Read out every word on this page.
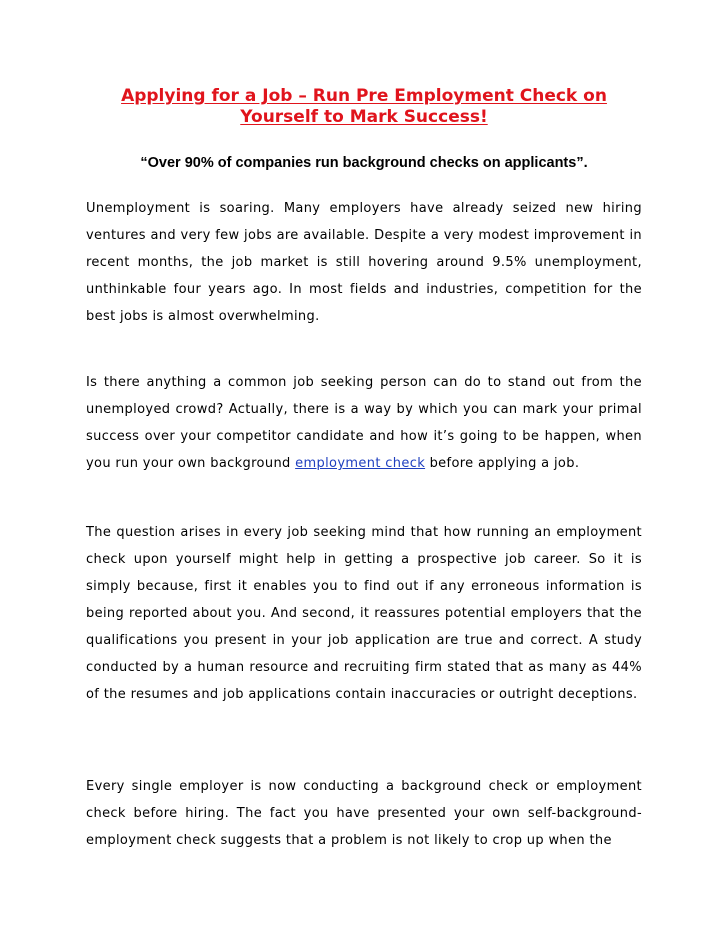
Applying for a Job – Run Pre Employment Check on Yourself to Mark Success!

“Over 90% of companies run background checks on applicants”.

Unemployment is soaring. Many employers have already seized new hiring ventures and very few jobs are available. Despite a very modest improvement in recent months, the job market is still hovering around 9.5% unemployment, unthinkable four years ago. In most fields and industries, competition for the best jobs is almost overwhelming.

Is there anything a common job seeking person can do to stand out from the unemployed crowd? Actually, there is a way by which you can mark your primal success over your competitor candidate and how it’s going to be happen, when you run your own background employment check before applying a job.

The question arises in every job seeking mind that how running an employment check upon yourself might help in getting a prospective job career. So it is simply because, first it enables you to find out if any erroneous information is being reported about you. And second, it reassures potential employers that the qualifications you present in your job application are true and correct. A study conducted by a human resource and recruiting firm stated that as many as 44% of the resumes and job applications contain inaccuracies or outright deceptions.

Every single employer is now conducting a background check or employment check before hiring. The fact you have presented your own self-background-employment check suggests that a problem is not likely to crop up when the
